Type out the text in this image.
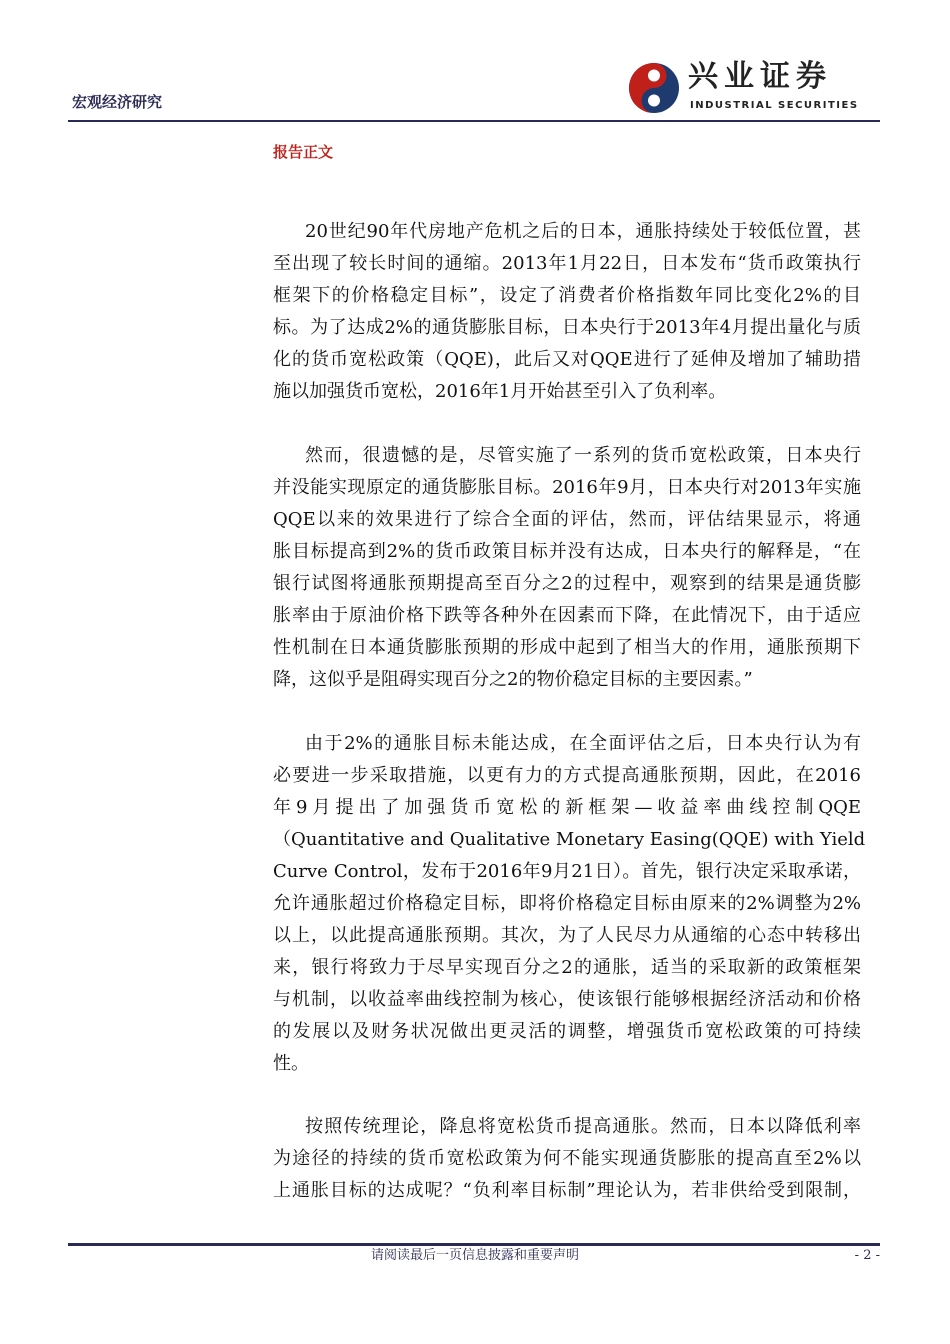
宏观经济研究
兴业证券
INDUSTRIAL SECURITIES
报告正文
20世纪90年代房地产危机之后的日本，通胀持续处于较低位置，甚
至出现了较长时间的通缩。2013年1月22日，日本发布“货币政策执行
框架下的价格稳定目标”，设定了消费者价格指数年同比变化2%的目
标。为了达成2%的通货膨胀目标，日本央行于2013年4月提出量化与质
化的货币宽松政策（QQE)，此后又对QQE进行了延伸及增加了辅助措
施以加强货币宽松，2016年1月开始甚至引入了负利率。
然而，很遗憾的是，尽管实施了一系列的货币宽松政策，日本央行
并没能实现原定的通货膨胀目标。2016年9月，日本央行对2013年实施
QQE以来的效果进行了综合全面的评估，然而，评估结果显示，将通
胀目标提高到2%的货币政策目标并没有达成，日本央行的解释是，“在
银行试图将通胀预期提高至百分之2的过程中，观察到的结果是通货膨
胀率由于原油价格下跌等各种外在因素而下降，在此情况下，由于适应
性机制在日本通货膨胀预期的形成中起到了相当大的作用，通胀预期下
降，这似乎是阻碍实现百分之2的物价稳定目标的主要因素。”
由于2%的通胀目标未能达成，在全面评估之后，日本央行认为有
必要进一步采取措施，以更有力的方式提高通胀预期，因此，在2016
年9月提出了加强货币宽松的新框架—收益率曲线控制QQE
（Quantitative and Qualitative Monetary Easing(QQE) with Yield
Curve Control，发布于2016年9月21日）。首先，银行决定采取承诺，
允许通胀超过价格稳定目标，即将价格稳定目标由原来的2%调整为2%
以上，以此提高通胀预期。其次，为了人民尽力从通缩的心态中转移出
来，银行将致力于尽早实现百分之2的通胀，适当的采取新的政策框架
与机制，以收益率曲线控制为核心，使该银行能够根据经济活动和价格
的发展以及财务状况做出更灵活的调整，增强货币宽松政策的可持续
性。
按照传统理论，降息将宽松货币提高通胀。然而，日本以降低利率
为途径的持续的货币宽松政策为何不能实现通货膨胀的提高直至2%以
上通胀目标的达成呢？“负利率目标制”理论认为，若非供给受到限制，
请阅读最后一页信息披露和重要声明	- 2 -
